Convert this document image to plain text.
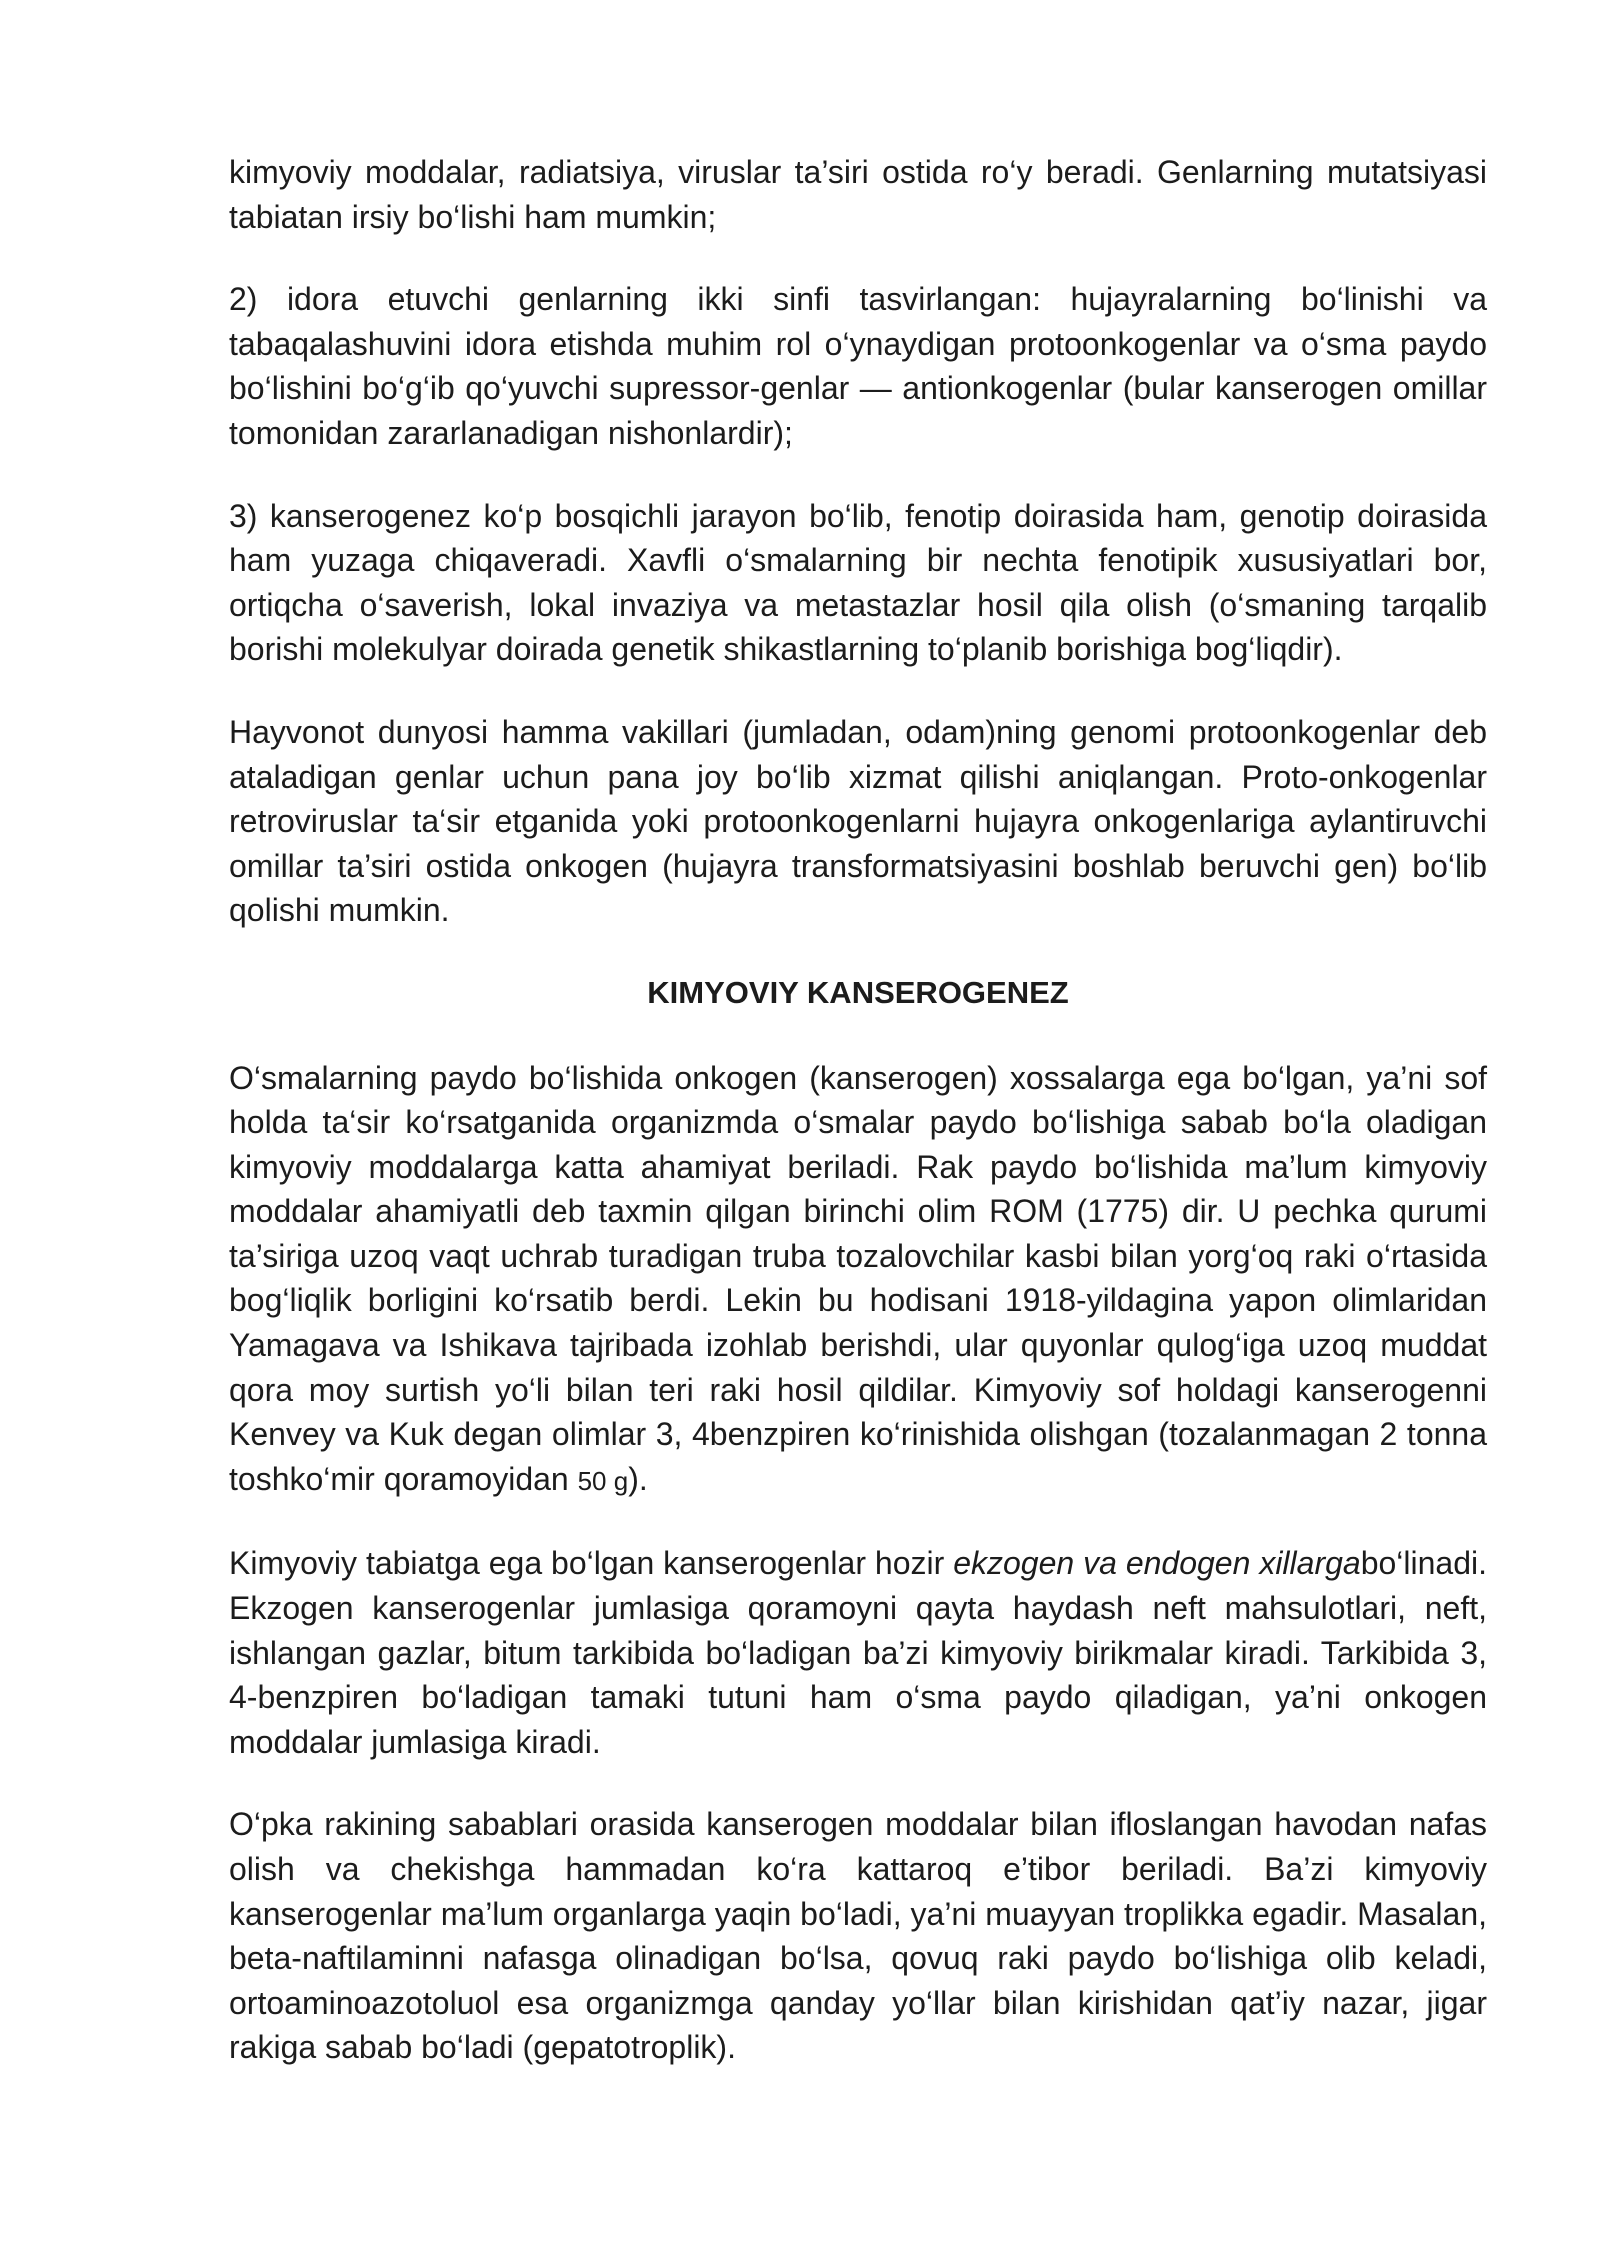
kimyoviy moddalar, radiatsiya, viruslar ta’siri ostida ro‘y beradi. Genlarning mutatsiyasi tabiatan irsiy bo‘lishi ham mumkin;

2) idora etuvchi genlarning ikki sinfi tasvirlangan: hujayralarning bo‘linishi va tabaqalashuvini idora etishda muhim rol o‘ynaydigan protoonkogenlar va o‘sma paydo bo‘lishini bo‘g‘ib qo‘yuvchi supressor-genlar — antionkogenlar (bular kanserogen omillar tomonidan zararlanadigan nishonlardir);

3) kanserogenez ko‘p bosqichli jarayon bo‘lib, fenotip doirasida ham, genotip doirasida ham yuzaga chiqaveradi. Xavfli o‘smalarning bir nechta fenotipik xususiyatlari bor, ortiqcha o‘saverish, lokal invaziya va metastazlar hosil qila olish (o‘smaning tarqalib borishi molekulyar doirada genetik shikastlarning to‘planib borishiga bog‘liqdir).

Hayvonot dunyosi hamma vakillari (jumladan, odam)ning genomi protoonkogenlar deb ataladigan genlar uchun pana joy bo‘lib xizmat qilishi aniqlangan. Proto-onkogenlar retroviruslar ta‘sir etganida yoki protoonkogenlarni hujayra onkogenlariga aylantiruvchi omillar ta’siri ostida onkogen (hujayra transformatsiyasini boshlab beruvchi gen) bo‘lib qolishi mumkin.

KIMYOVIY KANSEROGENEZ

O‘smalarning paydo bo‘lishida onkogen (kanserogen) xossalarga ega bo‘lgan, ya’ni sof holda ta‘sir ko‘rsatganida organizmda o‘smalar paydo bo‘lishiga sabab bo‘la oladigan kimyoviy moddalarga katta ahamiyat beriladi. Rak paydo bo‘lishida ma’lum kimyoviy moddalar ahamiyatli deb taxmin qilgan birinchi olim ROM (1775) dir. U pechka qurumi ta’siriga uzoq vaqt uchrab turadigan truba tozalovchilar kasbi bilan yorg‘oq raki o‘rtasida bog‘liqlik borligini ko‘rsatib berdi. Lekin bu hodisani 1918-yildagina yapon olimlaridan Yamagava va Ishikava tajribada izohlab berishdi, ular quyonlar qulog‘iga uzoq muddat qora moy surtish yo‘li bilan teri raki hosil qildilar. Kimyoviy sof holdagi kanserogenni Kenvey va Kuk degan olimlar 3, 4benzpiren ko‘rinishida olishgan (tozalanmagan 2 tonna toshko‘mir qoramoyidan 50 g).

Kimyoviy tabiatga ega bo‘lgan kanserogenlar hozir ekzogen va endogen xillargabo‘linadi. Ekzogen kanserogenlar jumlasiga qoramoyni qayta haydash neft mahsulotlari, neft, ishlangan gazlar, bitum tarkibida bo‘ladigan ba’zi kimyoviy birikmalar kiradi. Tarkibida 3, 4-benzpiren bo‘ladigan tamaki tutuni ham o‘sma paydo qiladigan, ya’ni onkogen moddalar jumlasiga kiradi.

O‘pka rakining sabablari orasida kanserogen moddalar bilan ifloslangan havodan nafas olish va chekishga hammadan ko‘ra kattaroq e’tibor beriladi. Ba’zi kimyoviy kanserogenlar ma’lum organlarga yaqin bo‘ladi, ya’ni muayyan troplikka egadir. Masalan, beta-naftilaminni nafasga olinadigan bo‘lsa, qovuq raki paydo bo‘lishiga olib keladi, ortoaminoazotoluol esa organizmga qanday yo‘llar bilan kirishidan qat’iy nazar, jigar rakiga sabab bo‘ladi (gepatotroplik).
